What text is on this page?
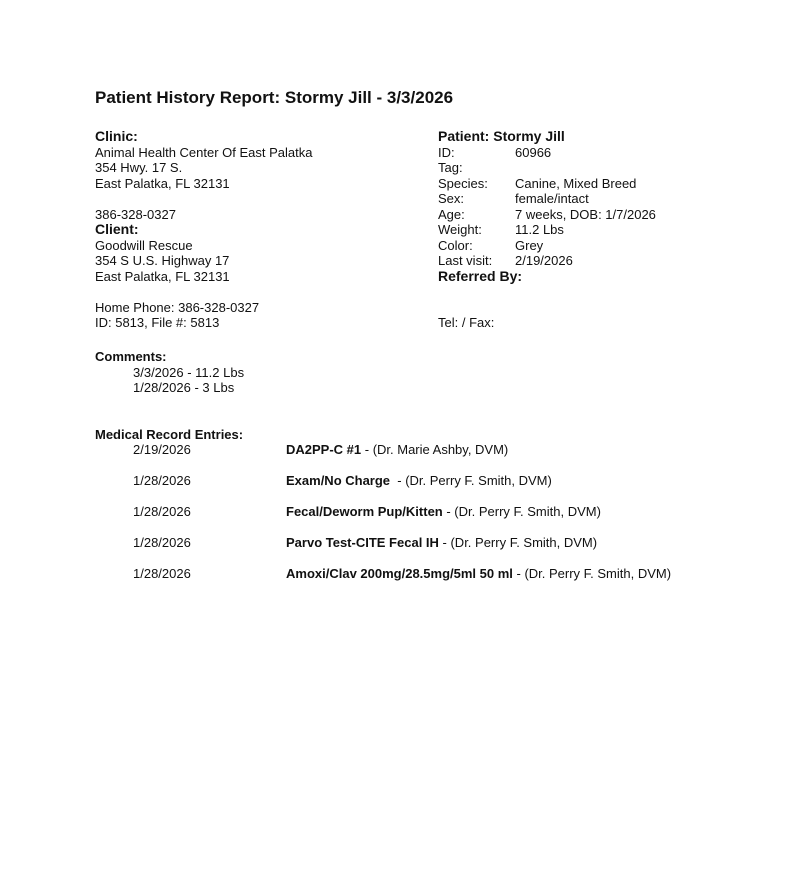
Patient History Report: Stormy Jill - 3/3/2026
Clinic:
Animal Health Center Of East Palatka
354 Hwy. 17 S.
East Palatka, FL 32131
386-328-0327
Client:
Goodwill Rescue
354 S U.S. Highway 17
East Palatka, FL 32131
Home Phone: 386-328-0327
ID: 5813, File #: 5813
Patient: Stormy Jill
ID:	60966
Tag:
Species:	Canine, Mixed Breed
Sex:	female/intact
Age:	7 weeks, DOB: 1/7/2026
Weight:	11.2 Lbs
Color:	Grey
Last visit:	2/19/2026
Referred By:
Tel: / Fax:
Comments:
3/3/2026 - 11.2 Lbs
1/28/2026 - 3 Lbs
Medical Record Entries:
2/19/2026	DA2PP-C #1 - (Dr. Marie Ashby, DVM)
1/28/2026	Exam/No Charge - (Dr. Perry F. Smith, DVM)
1/28/2026	Fecal/Deworm Pup/Kitten - (Dr. Perry F. Smith, DVM)
1/28/2026	Parvo Test-CITE Fecal IH - (Dr. Perry F. Smith, DVM)
1/28/2026	Amoxi/Clav 200mg/28.5mg/5ml 50 ml - (Dr. Perry F. Smith, DVM)
